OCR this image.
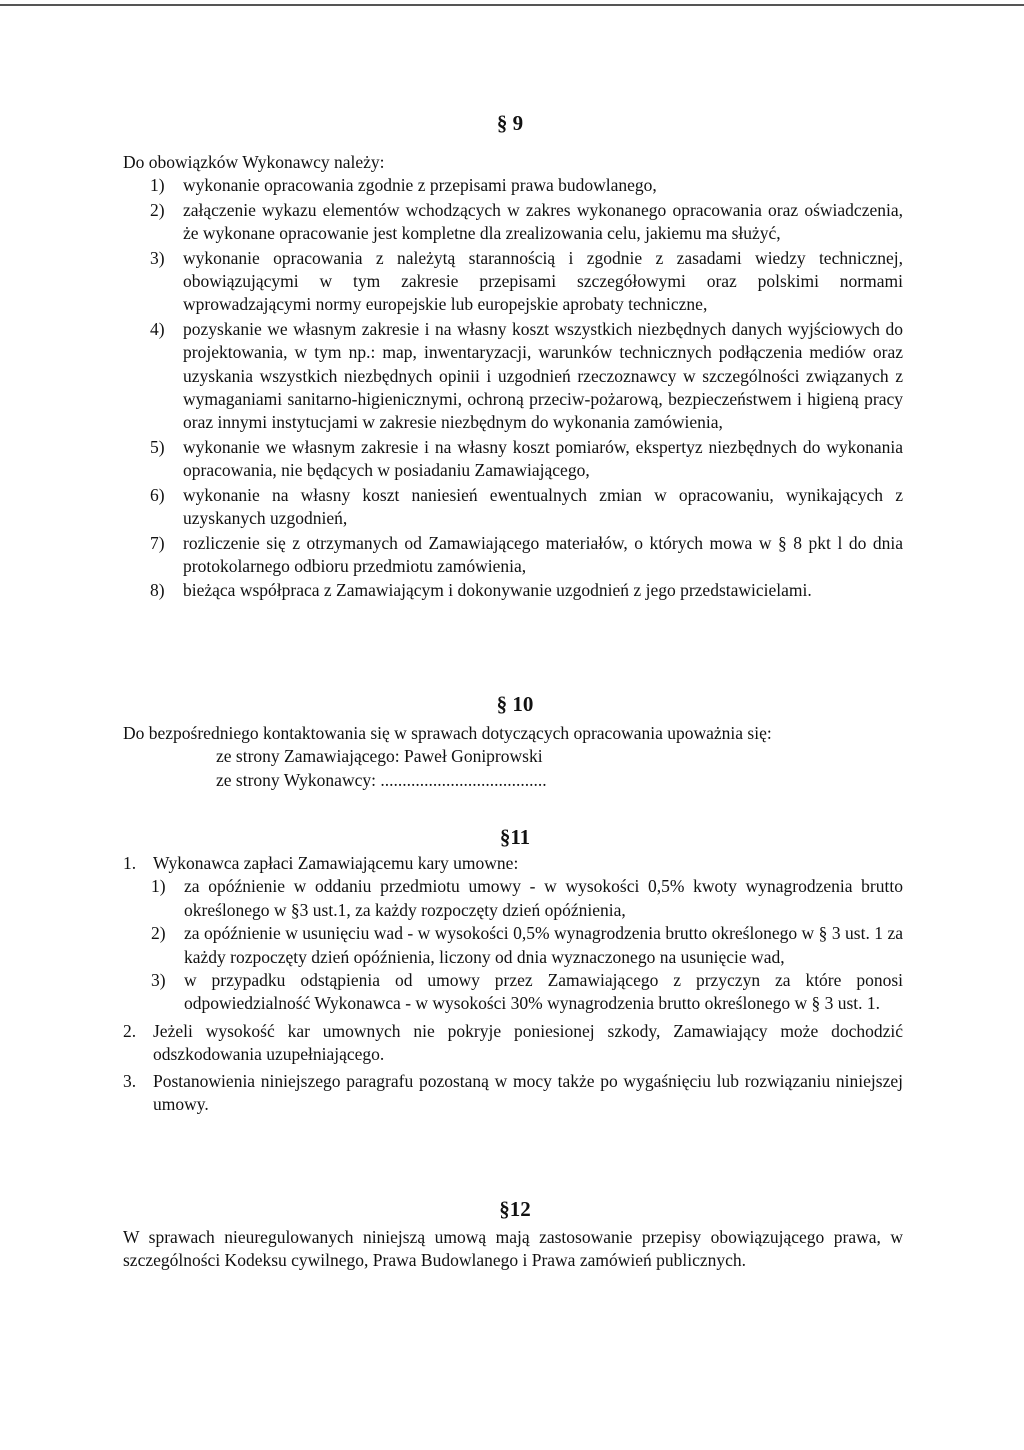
§ 9

Do obowiązków Wykonawcy należy:

1) wykonanie opracowania zgodnie z przepisami prawa budowlanego,
2) załączenie wykazu elementów wchodzących w zakres wykonanego opracowania oraz oświadczenia, że wykonane opracowanie jest kompletne dla zrealizowania celu, jakiemu ma służyć,
3) wykonanie opracowania z należytą starannością i zgodnie z zasadami wiedzy technicznej, obowiązującymi w tym zakresie przepisami szczegółowymi oraz polskimi normami wprowadzającymi normy europejskie lub europejskie aprobaty techniczne,
4) pozyskanie we własnym zakresie i na własny koszt wszystkich niezbędnych danych wyjściowych do projektowania, w tym np.: map, inwentaryzacji, warunków technicznych podłączenia mediów oraz uzyskania wszystkich niezbędnych opinii i uzgodnień rzeczoznawcy w szczególności związanych z wymaganiami sanitarno-higienicznymi, ochroną przeciw-pożarową, bezpieczeństwem i higieną pracy oraz innymi instytucjami w zakresie niezbędnym do wykonania zamówienia,
5) wykonanie we własnym zakresie i na własny koszt pomiarów, ekspertyz niezbędnych do wykonania opracowania, nie będących w posiadaniu Zamawiającego,
6) wykonanie na własny koszt naniesień ewentualnych zmian w opracowaniu, wynikających z uzyskanych uzgodnień,
7) rozliczenie się z otrzymanych od Zamawiającego materiałów, o których mowa w § 8 pkt l do dnia protokolarnego odbioru przedmiotu zamówienia,
8) bieżąca współpraca z Zamawiającym i dokonywanie uzgodnień z jego przedstawicielami.
§ 10

Do bezpośredniego kontaktowania się w sprawach dotyczących opracowania upoważnia się:

ze strony Zamawiającego: Paweł Goniprowski

ze strony Wykonawcy: ......................................

§11
1. Wykonawca zapłaci Zamawiającemu kary umowne:
1) za opóźnienie w oddaniu przedmiotu umowy - w wysokości 0,5% kwoty wynagrodzenia brutto określonego w §3 ust.1, za każdy rozpoczęty dzień opóźnienia,
2) za opóźnienie w usunięciu wad - w wysokości 0,5% wynagrodzenia brutto określonego w § 3 ust. 1 za każdy rozpoczęty dzień opóźnienia, liczony od dnia wyznaczonego na usunięcie wad,
3) w przypadku odstąpienia od umowy przez Zamawiającego z przyczyn za które ponosi odpowiedzialność Wykonawca - w wysokości 30% wynagrodzenia brutto określonego w § 3 ust. 1.
2. Jeżeli wysokość kar umownych nie pokryje poniesionej szkody, Zamawiający może dochodzić odszkodowania uzupełniającego.
3. Postanowienia niniejszego paragrafu pozostaną w mocy także po wygaśnięciu lub rozwiązaniu niniejszej umowy.
§12

W sprawach nieuregulowanych niniejszą umową mają zastosowanie przepisy obowiązującego prawa, w szczególności Kodeksu cywilnego, Prawa Budowlanego i Prawa zamówień publicznych.
